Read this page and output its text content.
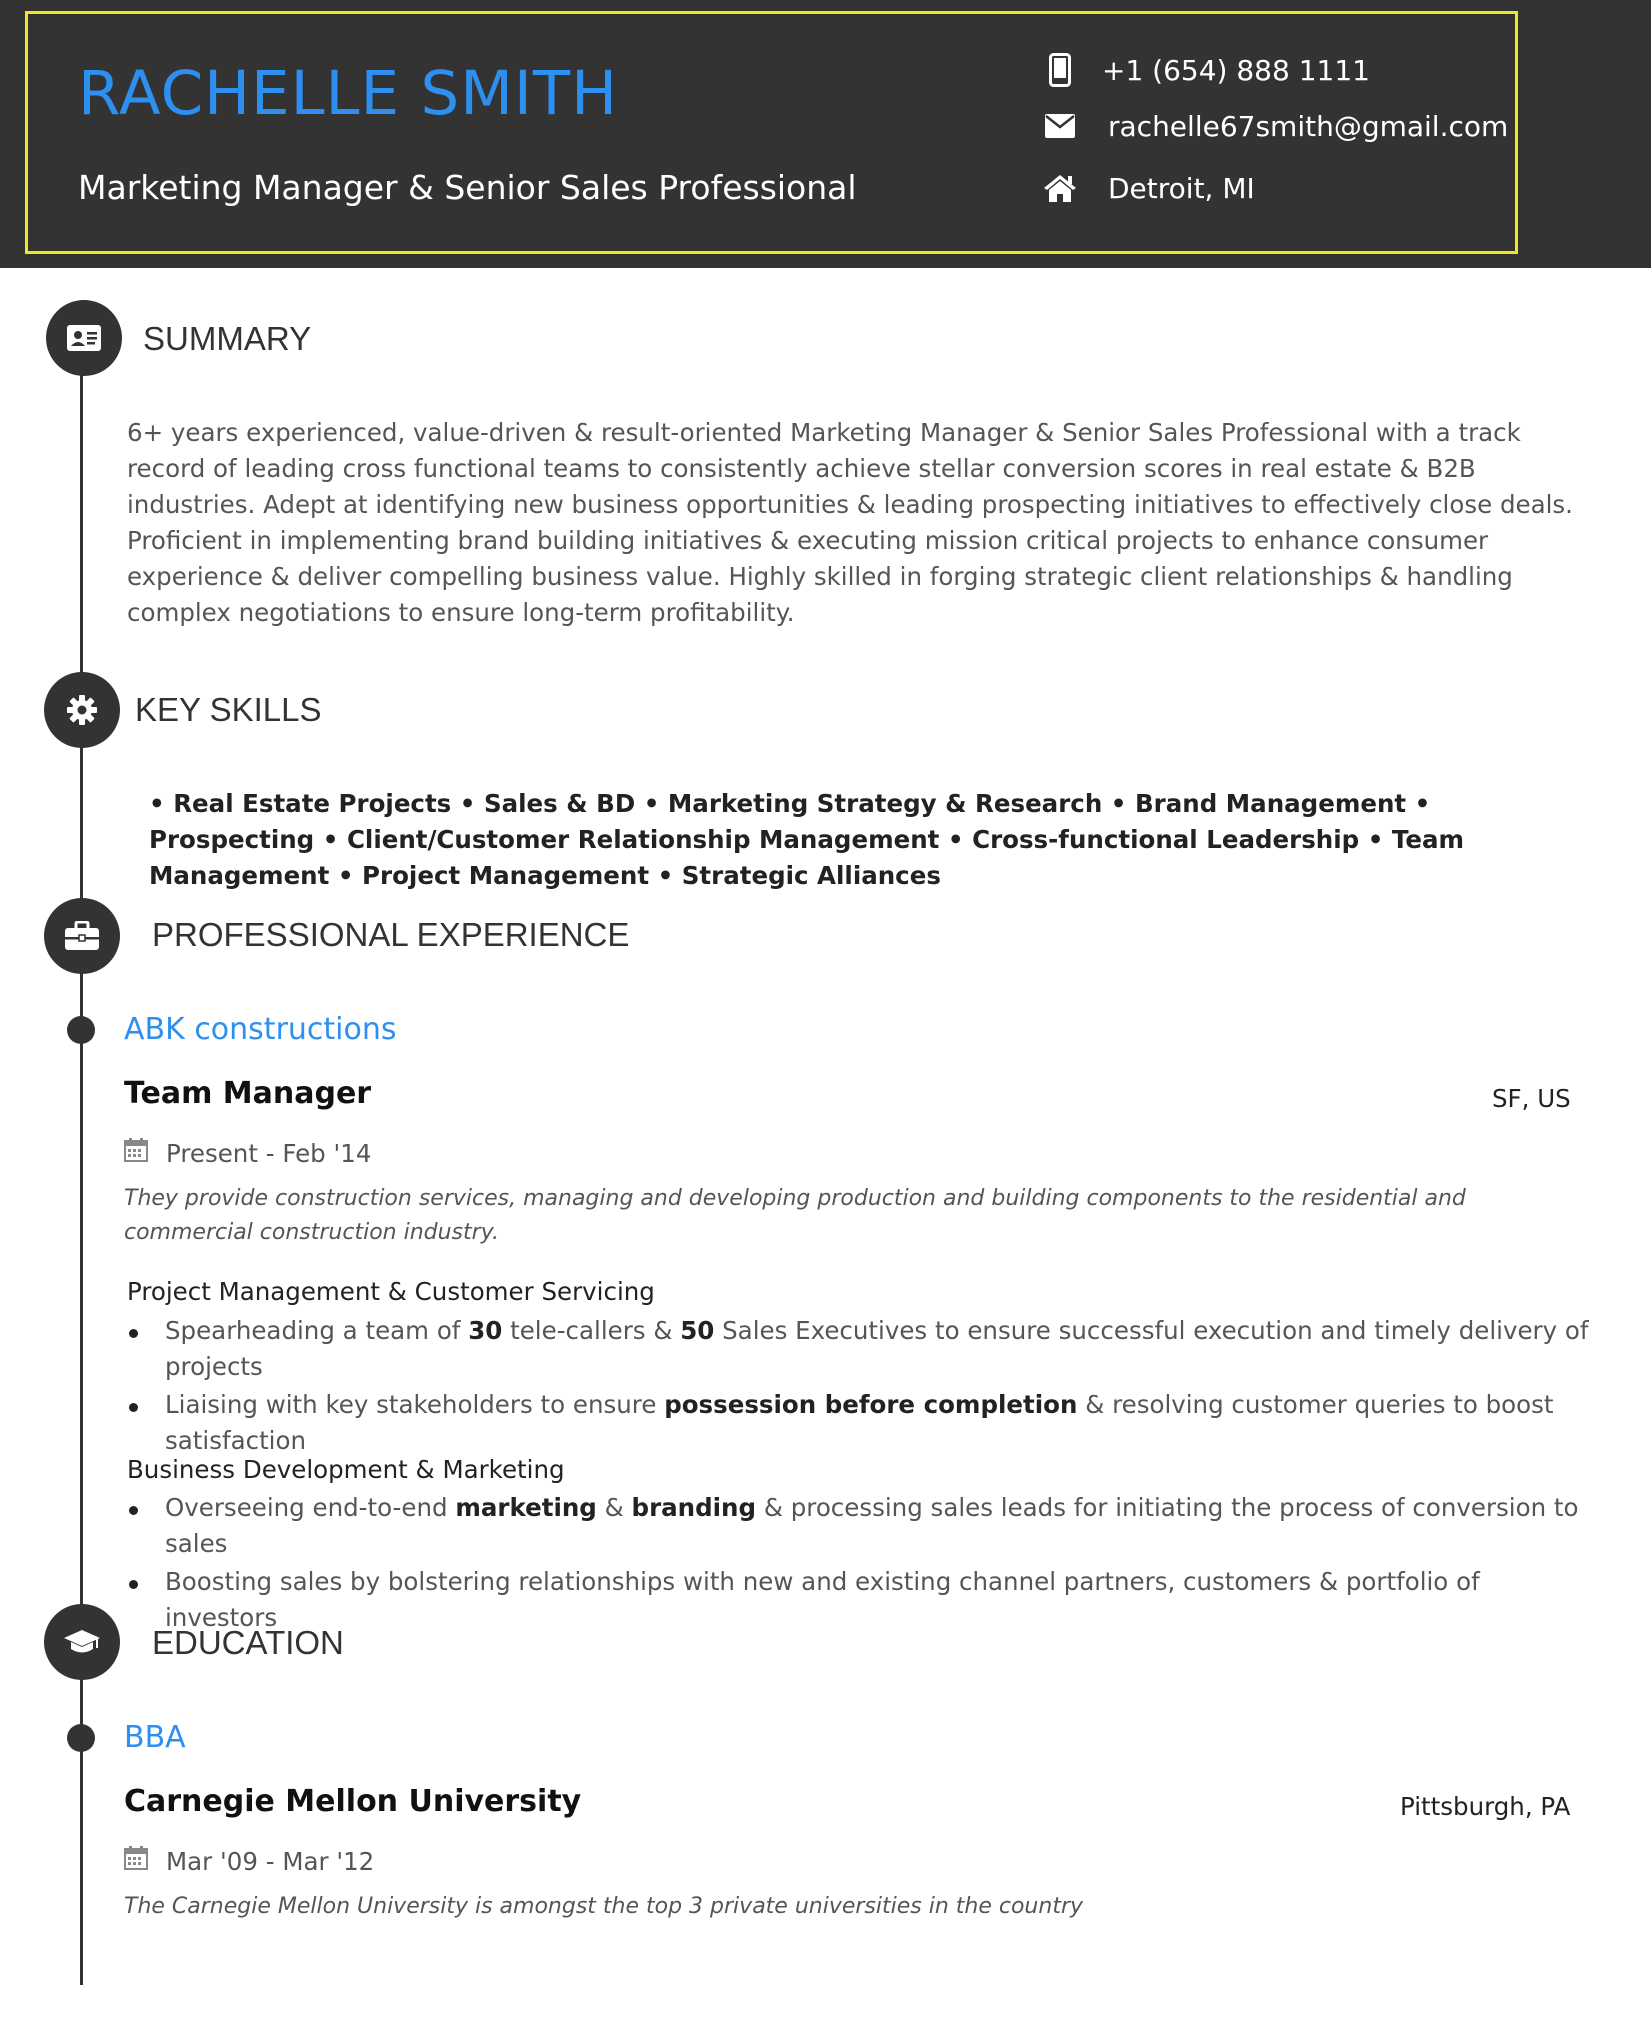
RACHELLE SMITH
Marketing Manager & Senior Sales Professional
+1 (654) 888 1111
rachelle67smith@gmail.com
Detroit, MI
SUMMARY
6+ years experienced, value-driven & result-oriented Marketing Manager & Senior Sales Professional with a track record of leading cross functional teams to consistently achieve stellar conversion scores in real estate & B2B industries. Adept at identifying new business opportunities & leading prospecting initiatives to effectively close deals. Proficient in implementing brand building initiatives & executing mission critical projects to enhance consumer experience & deliver compelling business value. Highly skilled in forging strategic client relationships & handling complex negotiations to ensure long-term profitability.
KEY SKILLS
• Real Estate Projects • Sales & BD • Marketing Strategy & Research • Brand Management • Prospecting • Client/Customer Relationship Management • Cross-functional Leadership • Team Management • Project Management • Strategic Alliances
PROFESSIONAL EXPERIENCE
ABK constructions
Team Manager	SF, US
Present - Feb '14
They provide construction services, managing and developing production and building components to the residential and commercial construction industry.
Project Management & Customer Servicing
Spearheading a team of 30 tele-callers & 50 Sales Executives to ensure successful execution and timely delivery of projects
Liaising with key stakeholders to ensure possession before completion & resolving customer queries to boost satisfaction
Business Development & Marketing
Overseeing end-to-end marketing & branding & processing sales leads for initiating the process of conversion to sales
Boosting sales by bolstering relationships with new and existing channel partners, customers & portfolio of investors
EDUCATION
BBA
Carnegie Mellon University	Pittsburgh, PA
Mar '09 - Mar '12
The Carnegie Mellon University is amongst the top 3 private universities in the country
